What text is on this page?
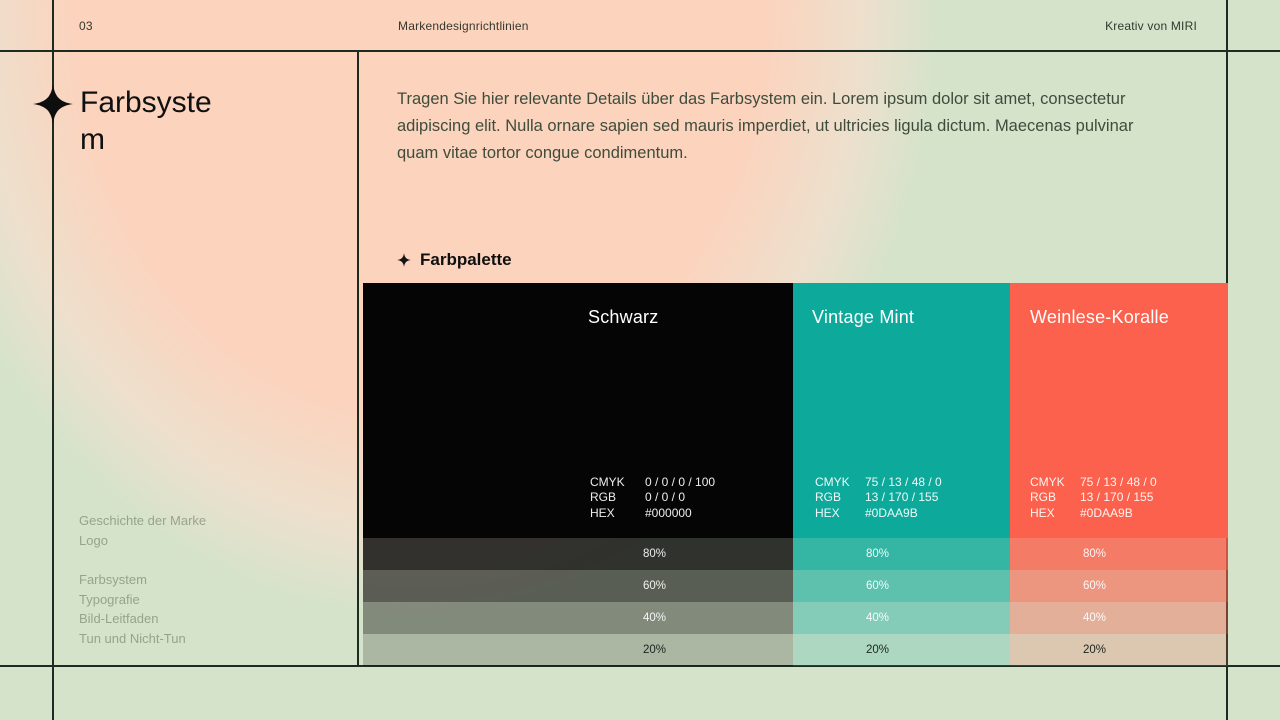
03	Markendesignrichtlinien	Kreativ von MIRI
Farbsystem
Geschichte der Marke
Logo
Farbsystem
Typografie
Bild-Leitfaden
Tun und Nicht-Tun

Tragen Sie hier relevante Details über das Farbsystem ein. Lorem ipsum dolor sit amet, consectetur adipiscing elit. Nulla ornare sapien sed mauris imperdiet, ut ultricies ligula dictum. Maecenas pulvinar quam vitae tortor congue condimentum.

Farbpalette
Schwarz
CMYK	0 / 0 / 0 / 100
RGB	0 / 0 / 0
HEX	#000000
80%
60%
40%
20%
Vintage Mint
CMYK	75 / 13 / 48 / 0
RGB	13 / 170 / 155
HEX	#0DAA9B
80%
60%
40%
20%
Weinlese-Koralle
CMYK	75 / 13 / 48 / 0
RGB	13 / 170 / 155
HEX	#0DAA9B
80%
60%
40%
20%
